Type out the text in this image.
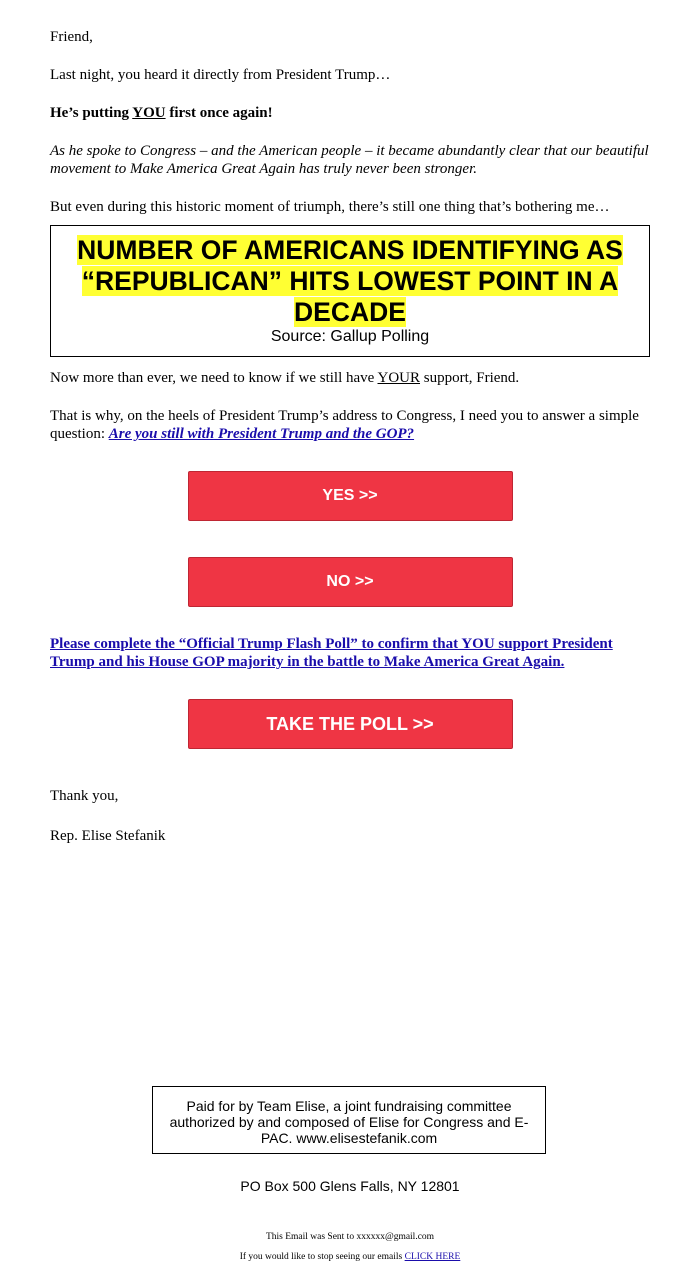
Friend,

Last night, you heard it directly from President Trump…

He’s putting YOU first once again!

As he spoke to Congress – and the American people – it became abundantly clear that our beautiful movement to Make America Great Again has truly never been stronger.

But even during this historic moment of triumph, there’s still one thing that’s bothering me…

NUMBER OF AMERICANS IDENTIFYING AS “REPUBLICAN” HITS LOWEST POINT IN A DECADE
Source: Gallup Polling

Now more than ever, we need to know if we still have YOUR support, Friend.

That is why, on the heels of President Trump’s address to Congress, I need you to answer a simple question: Are you still with President Trump and the GOP?

YES >>
NO >>
Please complete the “Official Trump Flash Poll” to confirm that YOU support President Trump and his House GOP majority in the battle to Make America Great Again.
TAKE THE POLL >>

Thank you,

Rep. Elise Stefanik

Paid for by Team Elise, a joint fundraising committee authorized by and composed of Elise for Congress and E-PAC. www.elisestefanik.com
PO Box 500 Glens Falls, NY 12801
This Email was Sent to xxxxxx@gmail.com
If you would like to stop seeing our emails CLICK HERE
